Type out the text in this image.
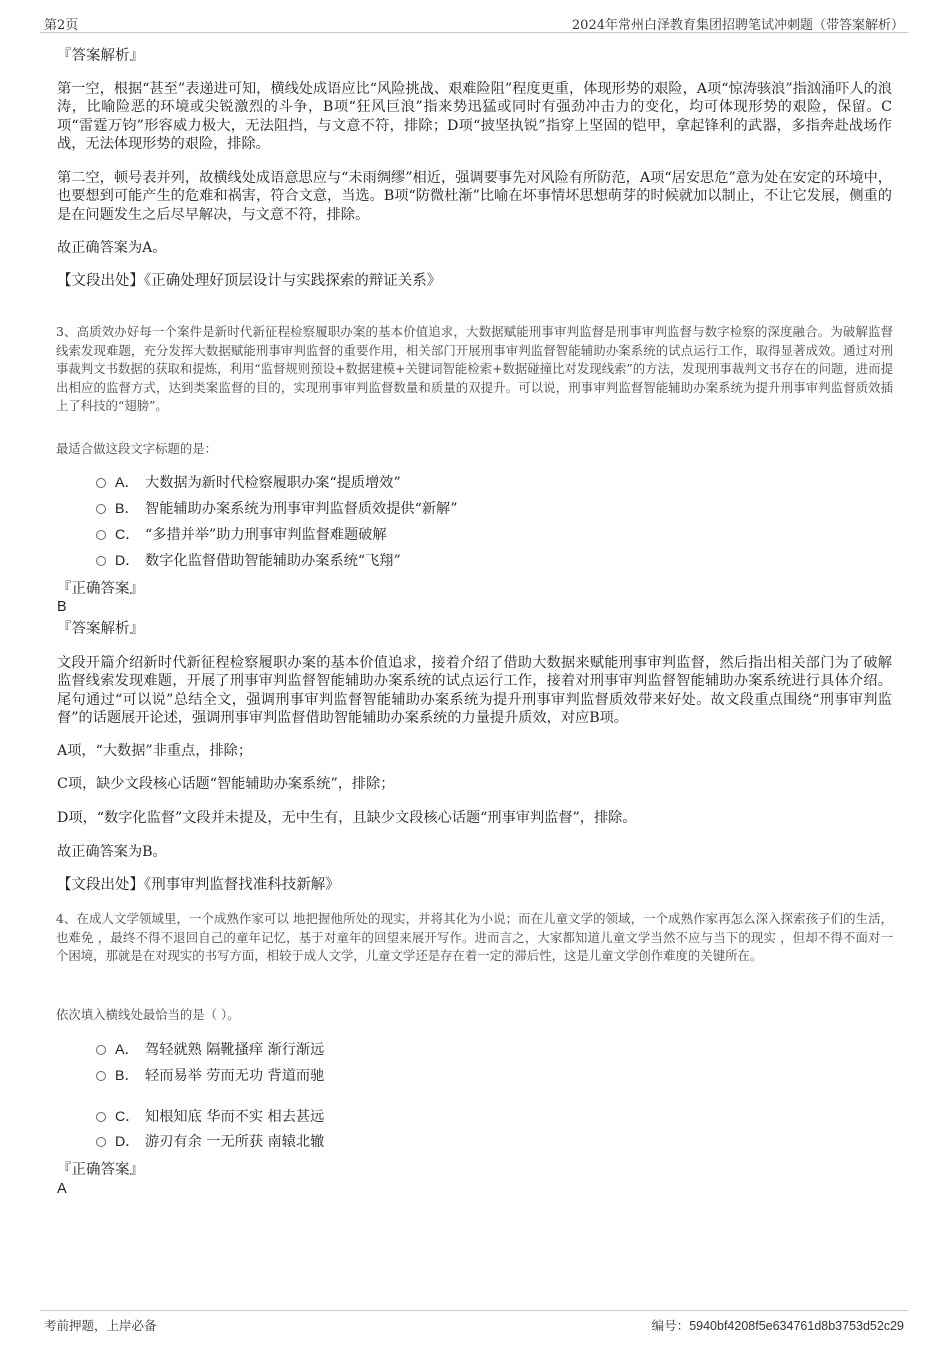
第2页	2024年常州白泽教育集团招聘笔试冲刺题（带答案解析）
『答案解析』
第一空，根据“甚至”表递进可知，横线处成语应比“风险挑战、艰难险阻”程度更重，体现形势的艰险，A项“惊涛骇浪”指汹涌吓人的浪涛，比喻险恶的环境或尖锐激烈的斗争，B项“狂风巨浪”指来势迅猛或同时有强劲冲击力的变化，均可体现形势的艰险，保留。C项“雷霆万钧”形容威力极大，无法阻挡，与文意不符，排除；D项“披坚执锐”指穿上坚固的铠甲，拿起锋利的武器，多指奔赴战场作战，无法体现形势的艰险，排除。
第二空，顿号表并列，故横线处成语意思应与“未雨绸缪”相近，强调要事先对风险有所防范，A项“居安思危”意为处在安定的环境中，也要想到可能产生的危难和祸害，符合文意，当选。B项“防微杜渐”比喻在坏事情坏思想萌芽的时候就加以制止，不让它发展，侧重的是在问题发生之后尽早解决，与文意不符，排除。
故正确答案为A。
【文段出处】《正确处理好顶层设计与实践探索的辩证关系》
3、高质效办好每一个案件是新时代新征程检察履职办案的基本价值追求，大数据赋能刑事审判监督是刑事审判监督与数字检察的深度融合。为破解监督线索发现难题，充分发挥大数据赋能刑事审判监督的重要作用，相关部门开展刑事审判监督智能辅助办案系统的试点运行工作，取得显著成效。通过对刑事裁判文书数据的获取和提炼，利用“监督规则预设+数据建模+关键词智能检索+数据碰撞比对发现线索”的方法，发现刑事裁判文书存在的问题，进而提出相应的监督方式，达到类案监督的目的，实现刑事审判监督数量和质量的双提升。可以说，刑事审判监督智能辅助办案系统为提升刑事审判监督质效插上了科技的“翅膀”。
最适合做这段文字标题的是：
A． 大数据为新时代检察履职办案“提质增效”
B． 智能辅助办案系统为刑事审判监督质效提供“新解”
C． “多措并举”助力刑事审判监督难题破解
D． 数字化监督借助智能辅助办案系统“飞翔”
『正确答案』
B
『答案解析』
文段开篇介绍新时代新征程检察履职办案的基本价值追求，接着介绍了借助大数据来赋能刑事审判监督，然后指出相关部门为了破解监督线索发现难题，开展了刑事审判监督智能辅助办案系统的试点运行工作，接着对刑事审判监督智能辅助办案系统进行具体介绍。尾句通过“可以说”总结全文，强调刑事审判监督智能辅助办案系统为提升刑事审判监督质效带来好处。故文段重点围绕“刑事审判监督”的话题展开论述，强调刑事审判监督借助智能辅助办案系统的力量提升质效，对应B项。
A项，“大数据”非重点，排除；
C项，缺少文段核心话题“智能辅助办案系统”，排除；
D项，“数字化监督”文段并未提及，无中生有，且缺少文段核心话题“刑事审判监督”，排除。
故正确答案为B。
【文段出处】《刑事审判监督找准科技新解》
4、在成人文学领域里，一个成熟作家可以 地把握他所处的现实，并将其化为小说；而在儿童文学的领域，一个成熟作家再怎么深入探索孩子们的生活，也难免 ，最终不得不退回自己的童年记忆，基于对童年的回望来展开写作。进而言之，大家都知道儿童文学当然不应与当下的现实 ，但却不得不面对一个困境，那就是在对现实的书写方面，相较于成人文学，儿童文学还是存在着一定的滞后性，这是儿童文学创作难度的关键所在。
依次填入横线处最恰当的是（ ）。
A． 驾轻就熟 隔靴搔痒 渐行渐远
B． 轻而易举 劳而无功 背道而驰
C． 知根知底 华而不实 相去甚远
D． 游刃有余 一无所获 南辕北辙
『正确答案』
A
考前押题，上岸必备	编号：5940bf4208f5e634761d8b3753d52c29
